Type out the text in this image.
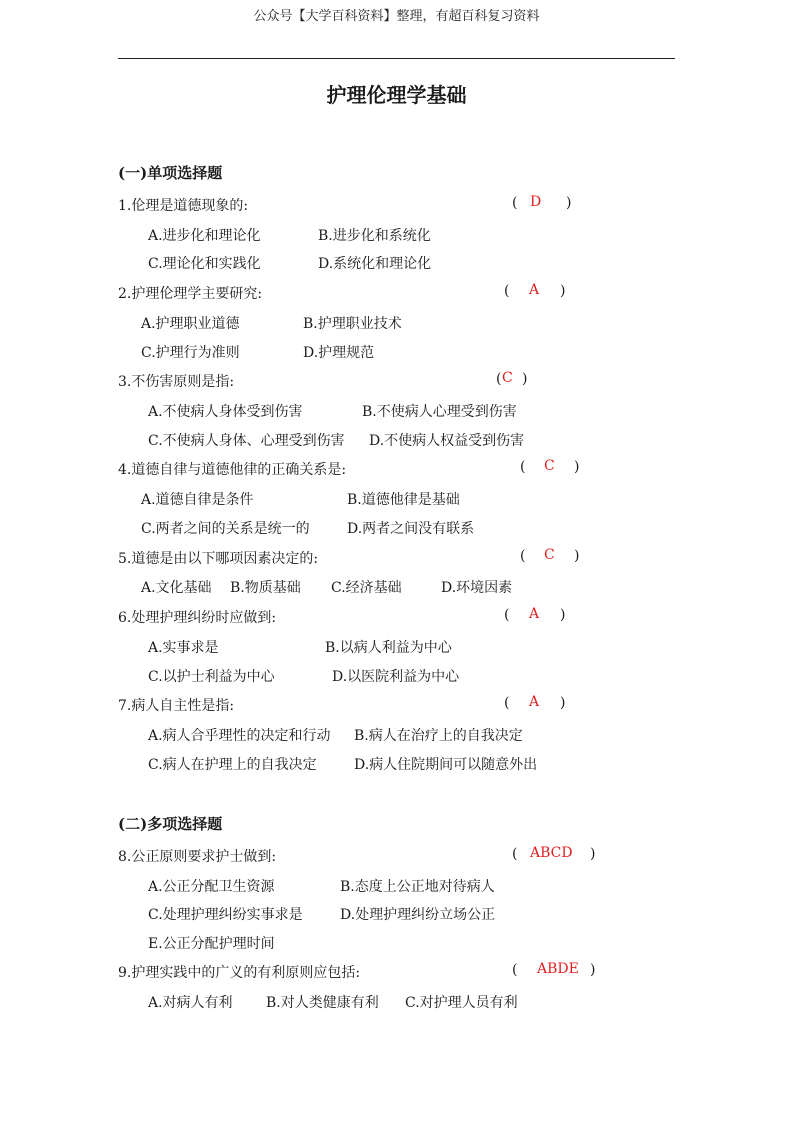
公众号【大学百科资料】整理，有超百科复习资料
护理伦理学基础
(一)单项选择题
1.伦理是道德现象的:	( D )
A.进步化和理论化	B.进步化和系统化
C.理论化和实践化	D.系统化和理论化
2.护理伦理学主要研究:	( A )
A.护理职业道德	B.护理职业技术
C.护理行为准则	D.护理规范
3.不伤害原则是指:	( C )
A.不使病人身体受到伤害	B.不使病人心理受到伤害
C.不使病人身体、心理受到伤害 D.不使病人权益受到伤害
4.道德自律与道德他律的正确关系是:	( C )
A.道德自律是条件	B.道德他律是基础
C.两者之间的关系是统一的	D.两者之间没有联系
5.道德是由以下哪项因素决定的:	( C )
A.文化基础 B.物质基础 C.经济基础	D.环境因素
6.处理护理纠纷时应做到:	( A )
A.实事求是	B.以病人利益为中心
C.以护士利益为中心	D.以医院利益为中心
7.病人自主性是指:	( A )
A.病人合乎理性的决定和行动 B.病人在治疗上的自我决定
C.病人在护理上的自我决定	D.病人住院期间可以随意外出
(二)多项选择题
8.公正原则要求护士做到:	( ABCD )
A.公正分配卫生资源	B.态度上公正地对待病人
C.处理护理纠纷实事求是	D.处理护理纠纷立场公正
E.公正分配护理时间
9.护理实践中的广义的有利原则应包括:	( ABDE )
A.对病人有利 B.对人类健康有利 C.对护理人员有利
